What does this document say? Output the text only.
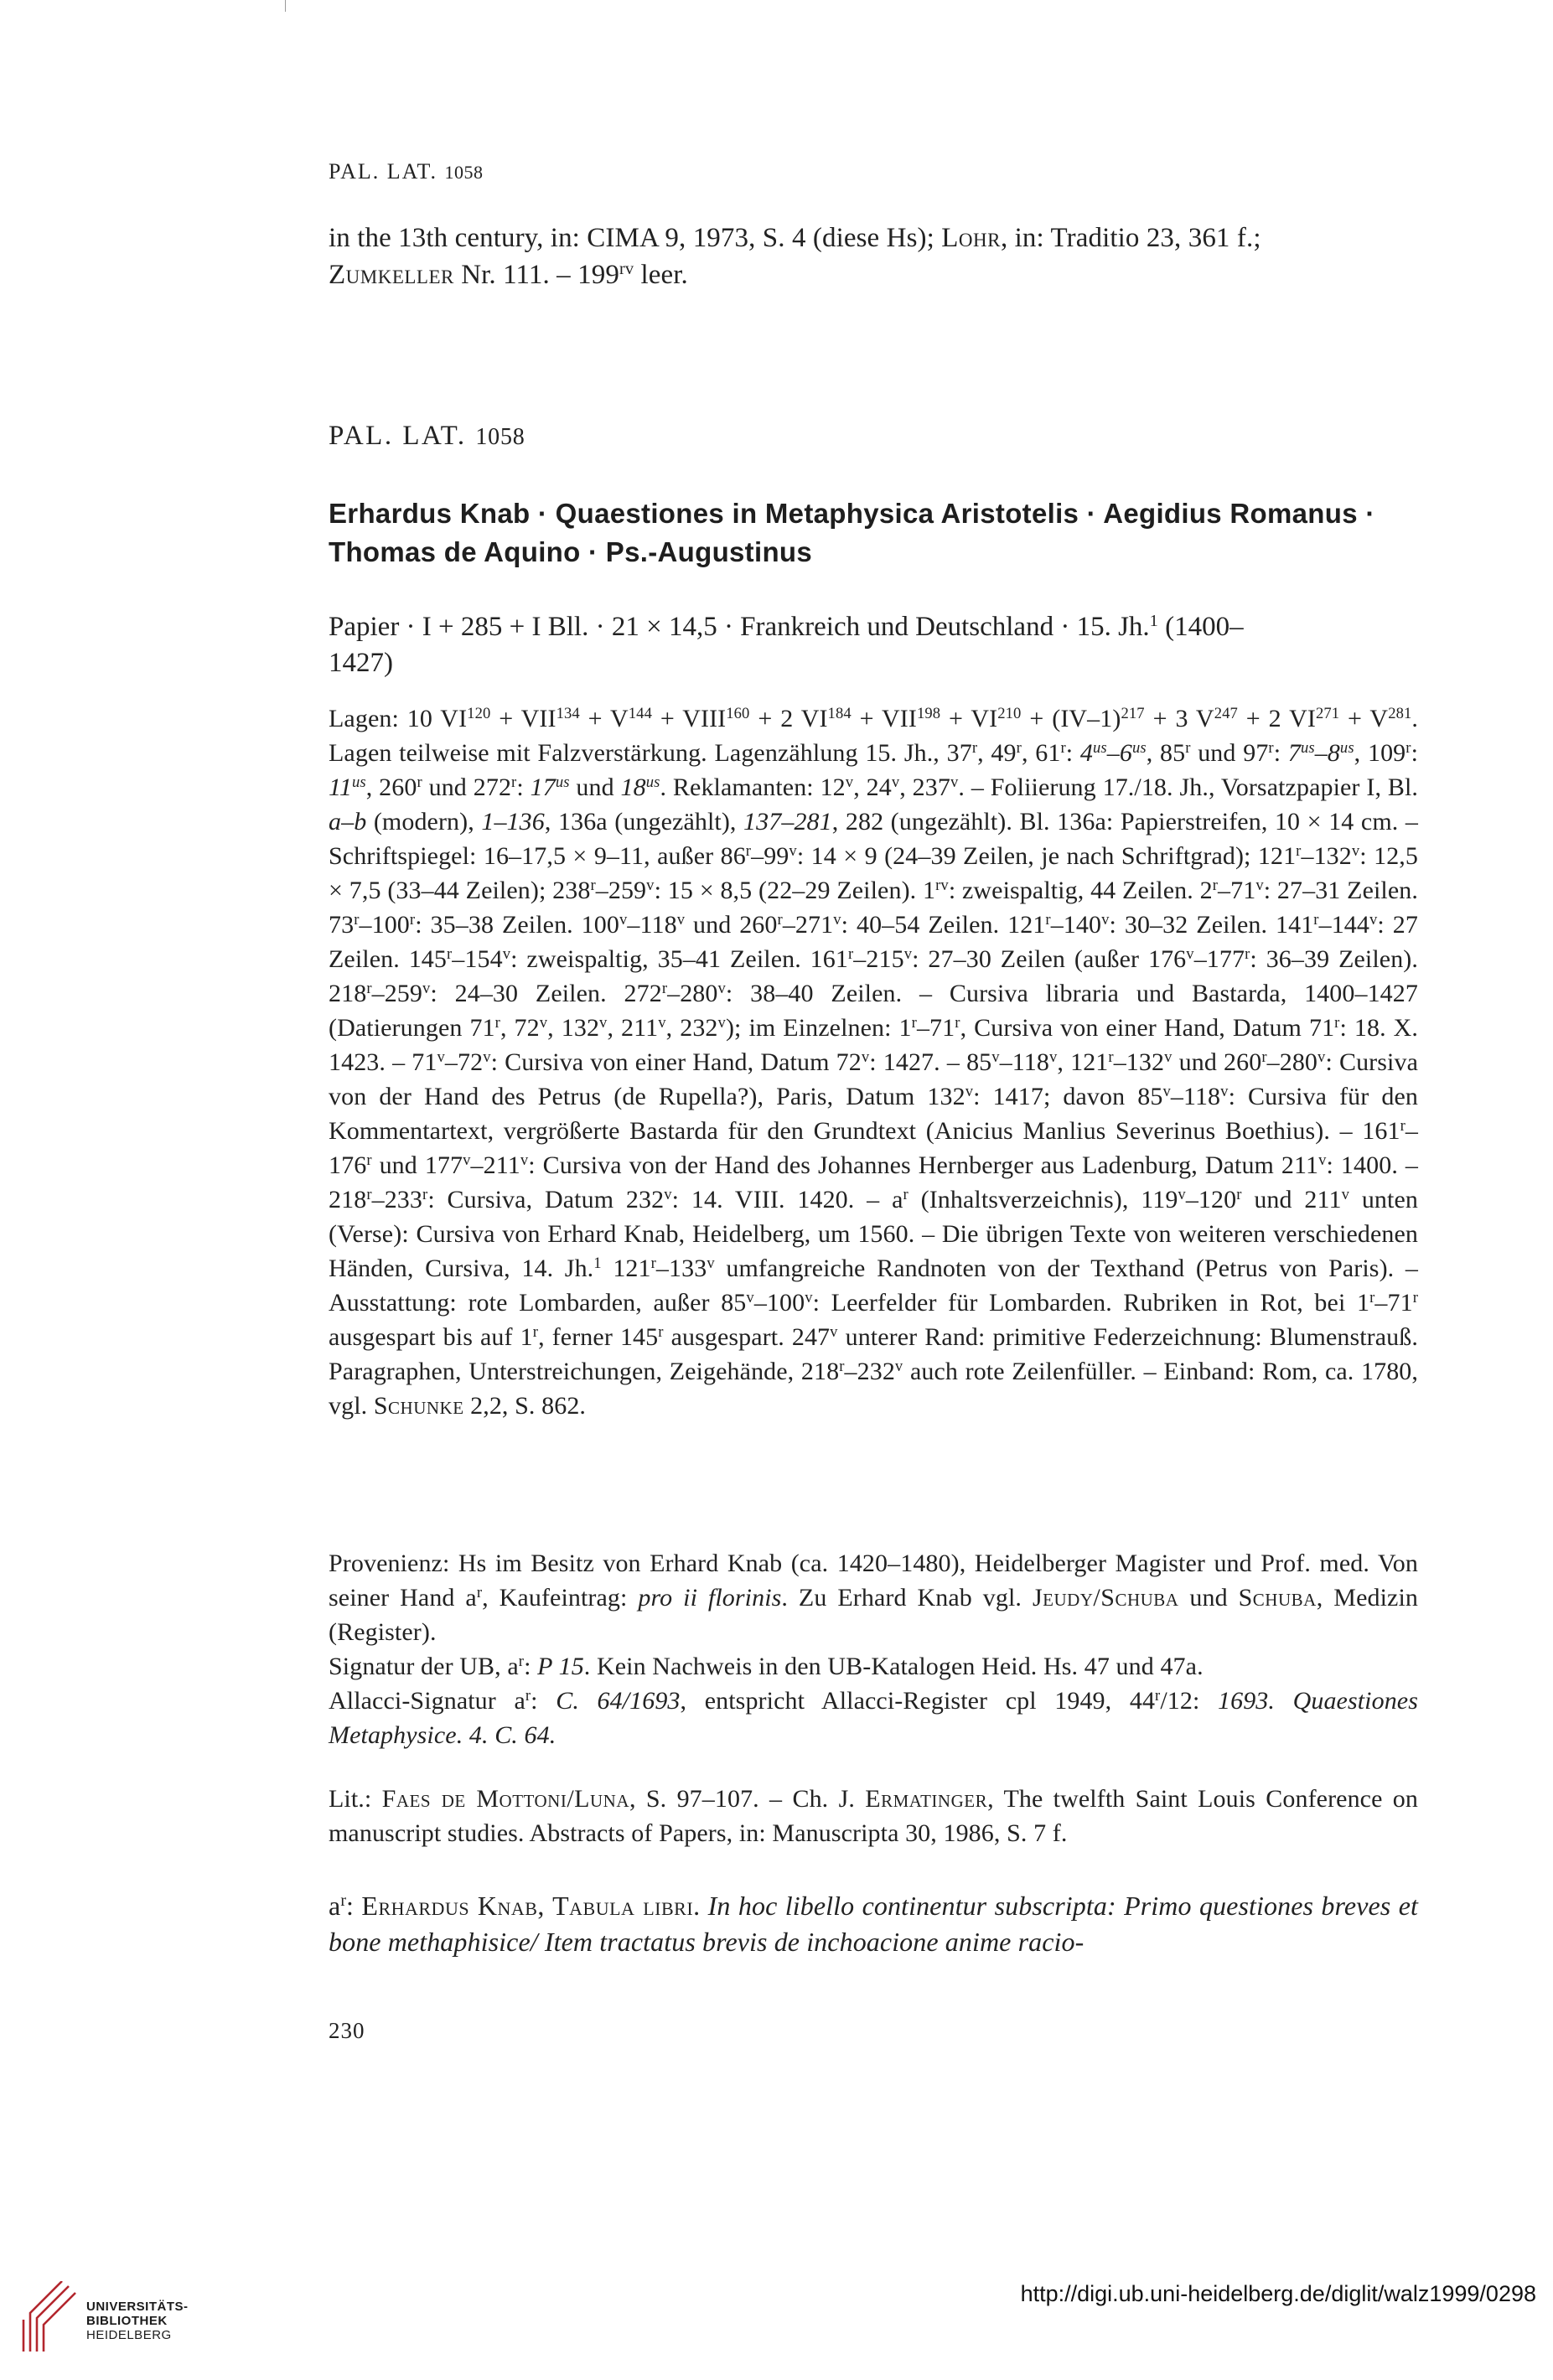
PAL. LAT. 1058

in the 13th century, in: CIMA 9, 1973, S. 4 (diese Hs); Lohr, in: Traditio 23, 361 f.;
Zumkeller Nr. 111. – $199^{rv}$ leer.

PAL. LAT. 1058
Erhardus Knab · Quaestiones in Metaphysica Aristotelis · Aegidius Romanus ·
Thomas de Aquino · Ps.-Augustinus
Papier · I + 285 + I Bll. · 21 × 14,5 · Frankreich und Deutschland · 15. Jh.$^1$ (1400–
1427)

Lagen: 10 $VI^{120} + VII^{134} + V^{144}$ + $VIII^{160} + 2$ $VI^{184} + VII^{198} + VI^{210} + (IV-1)^{217} + 3$ $V^{247} + 2$ $VI^{271} + V^{281}$. Lagen teilweise mit Falzverstärkung. Lagenzählung 15. Jh., 37$^r$, 49$^r$, 61$^r$: $4^{us}-6^{us}$, 85$^r$ und 97$^r$: $7^{us}-8^{us}$, 109$^r$: $11^{us}$, 260$^r$ und 272$^r$: $17^{us}$ und $18^{us}$. Reklamanten: 12$^v$, 24$^v$, 237$^v$. – Foliierung 17./18. Jh., Vorsatzpapier I, Bl. a–b (modern), 1–136, 136a (ungezählt), 137–281, 282 (ungezählt). Bl. 136a: Papierstreifen, 10 × 14 cm. – Schriftspiegel: 16–17,5 × 9–11, außer 86$^r$–99$^v$: 14 × 9 (24–39 Zeilen, je nach Schriftgrad); 121$^r$–132$^v$: 12,5 × 7,5 (33–44 Zeilen); 238$^r$–259$^v$: 15 × 8,5 (22–29 Zeilen). $1^{rv}$: zweispaltig, 44 Zeilen. 2$^r$–71$^v$: 27–31 Zeilen. 73$^r$–100$^r$: 35–38 Zeilen. 100$^v$–118$^v$ und 260$^r$–271$^v$: 40–54 Zeilen. 121$^r$–140$^v$: 30–32 Zeilen. 141$^r$–144$^v$: 27 Zeilen. 145$^r$–154$^v$: zweispaltig, 35–41 Zeilen. 161$^r$–215$^v$: 27–30 Zeilen (außer 176$^v$–177$^r$: 36–39 Zeilen). 218$^r$–259$^v$: 24–30 Zeilen. 272$^r$–280$^v$: 38–40 Zeilen. – Cursiva libraria und Bastarda, 1400–1427 (Datierungen 71$^r$, 72$^v$, 132$^v$, 211$^v$, 232$^v$); im Einzelnen: 1$^r$–71$^r$, Cursiva von einer Hand, Datum 71$^r$: 18. X. 1423. – 71$^v$–72$^v$: Cursiva von einer Hand, Datum 72$^v$: 1427. – 85$^v$–118$^v$, 121$^r$–132$^v$ und 260$^r$–280$^v$: Cursiva von der Hand des Petrus (de Rupella?), Paris, Datum 132$^v$: 1417; davon 85$^v$–118$^v$: Cursiva für den Kommentartext, vergrößerte Bastarda für den Grundtext (Anicius Manlius Severinus Boethius). – 161$^r$–176$^r$ und 177$^v$–211$^v$: Cursiva von der Hand des Johannes Hernberger aus Ladenburg, Datum 211$^v$: 1400. – 218$^r$–233$^r$: Cursiva, Datum 232$^v$: 14. VIII. 1420. – $a^r$ (Inhaltsverzeichnis), 119$^v$–120$^r$ und 211$^v$ unten (Verse): Cursiva von Erhard Knab, Heidelberg, um 1560. – Die übrigen Texte von weiteren verschiedenen Händen, Cursiva, 14. Jh.$^1$ 121$^r$–133$^v$ umfangreiche Randnoten von der Texthand (Petrus von Paris). – Ausstattung: rote Lombarden, außer 85$^v$–100$^v$: Leerfelder für Lombarden. Rubriken in Rot, bei 1$^r$–71$^r$ ausgespart bis auf 1$^r$, ferner 145$^r$ ausgespart. 247$^v$ unterer Rand: primitive Federzeichnung: Blumenstrauß. Paragraphen, Unterstreichungen, Zeigehände, 218$^r$–232$^v$ auch rote Zeilenfüller. – Einband: Rom, ca. 1780, vgl. Schunke 2,2, S. 862.

Provenienz: Hs im Besitz von Erhard Knab (ca. 1420–1480), Heidelberger Magister und Prof. med. Von seiner Hand $a^r$, Kaufeintrag: pro ii florinis. Zu Erhard Knab vgl. Jeudy/Schuba und Schuba, Medizin (Register).

Signatur der UB, $a^r$: P 15. Kein Nachweis in den UB-Katalogen Heid. Hs. 47 und 47a.

Allacci-Signatur $a^r$: C. 64/1693, entspricht Allacci-Register cpl 1949, 44$^r$/12: 1693. Quaestiones Metaphysice. 4. C. 64.

Lit.: Faes de Mottoni/Luna, S. 97–107. – Ch. J. Ermatinger, The twelfth Saint Louis Conference on manuscript studies. Abstracts of Papers, in: Manuscripta 30, 1986, S. 7 f.

$a^r$: Erhardus Knab, Tabula libri. In hoc libello continentur subscripta: Primo questiones breves et bone methaphisice/ Item tractatus brevis de inchoacione anime racio-

230
UNIVERSITÄTS-
BIBLIOTHEK
HEIDELBERG
http://digi.ub.uni-heidelberg.de/diglit/walz1999/0298
